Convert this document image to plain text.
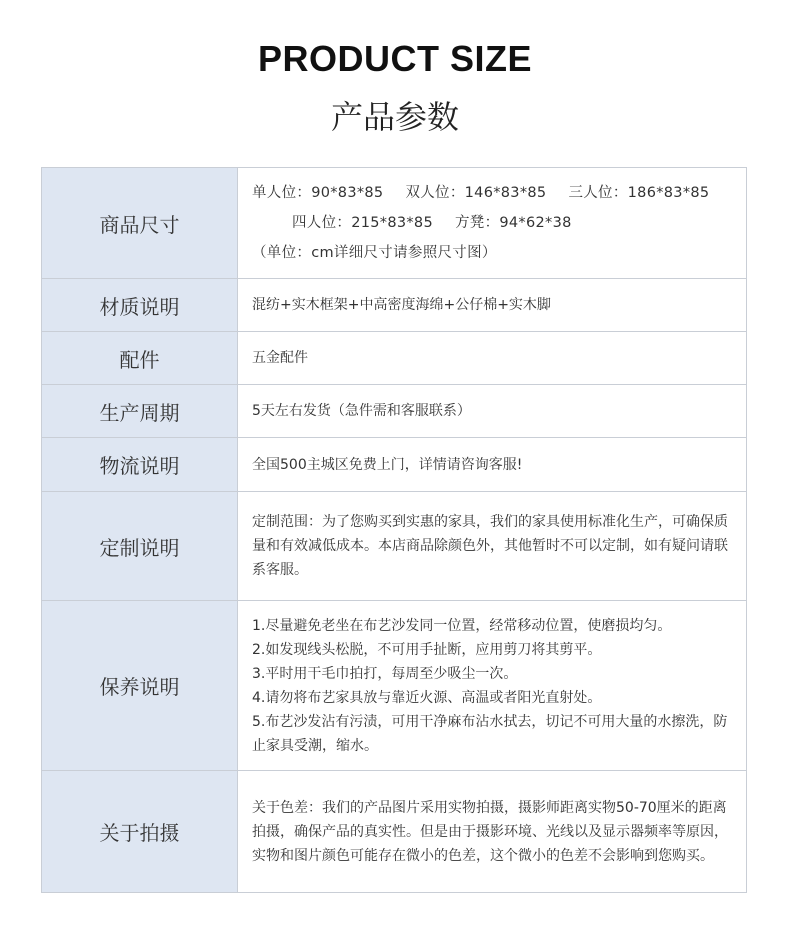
PRODUCT SIZE
产品参数
商品尺寸	单人位：90*83*85 双人位：146*83*85 三人位：186*83*85
四人位：215*83*85 方凳：94*62*38
（单位：cm详细尺寸请参照尺寸图）

材质说明	混纺+实木框架+中高密度海绵+公仔棉+实木脚
配件	五金配件
生产周期	5天左右发货（急件需和客服联系）
物流说明	全国500主城区免费上门，详情请咨询客服!
定制说明	定制范围：为了您购买到实惠的家具，我们的家具使用标准化生产，可确保质量和有效减低成本。本店商品除颜色外，其他暂时不可以定制，如有疑问请联系客服。
保养说明	1.尽量避免老坐在布艺沙发同一位置，经常移动位置，使磨损均匀。
2.如发现线头松脱，不可用手扯断，应用剪刀将其剪平。
3.平时用干毛巾拍打，每周至少吸尘一次。
4.请勿将布艺家具放与靠近火源、高温或者阳光直射处。
5.布艺沙发沾有污渍，可用干净麻布沾水拭去，切记不可用大量的水擦洗，防止家具受潮，缩水。

关于拍摄	关于色差：我们的产品图片采用实物拍摄，摄影师距离实物50-70厘米的距离拍摄，确保产品的真实性。但是由于摄影环境、光线以及显示器频率等原因，实物和图片颜色可能存在微小的色差，这个微小的色差不会影响到您购买。
